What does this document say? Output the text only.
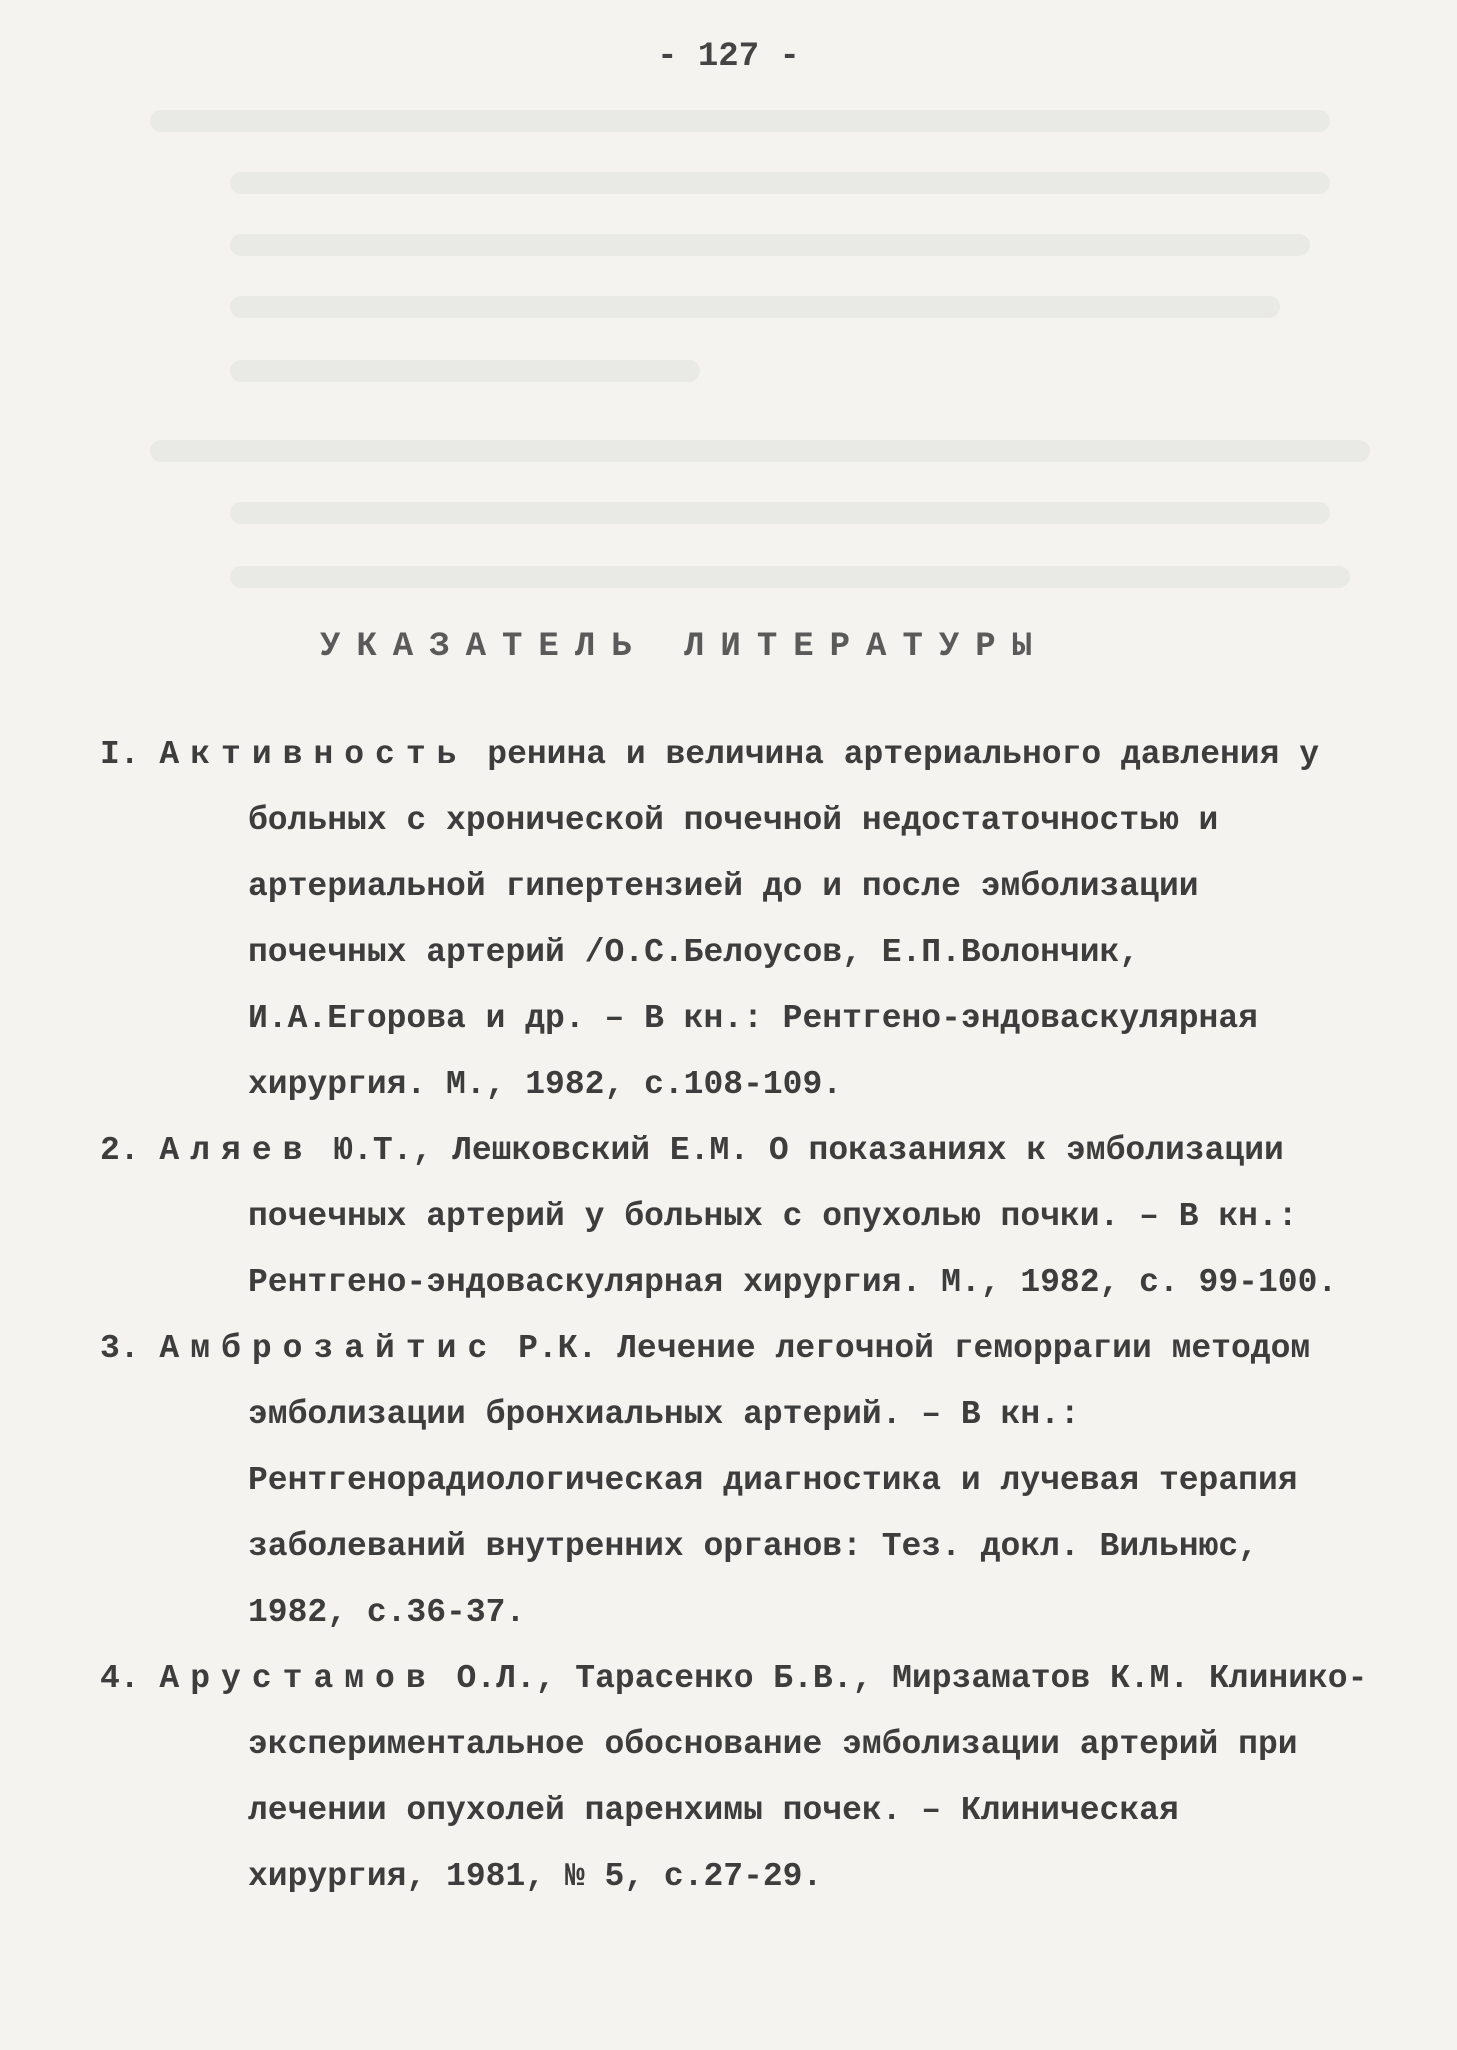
- 127 -
УКАЗАТЕЛЬ ЛИТЕРАТУРЫ

I. Активность ренина и величина артериального давления у больных с хронической почечной недостаточностью и артериальной гипертензией до и после эмболизации почечных артерий /О.С.Белоусов, Е.П.Волончик, И.А.Егорова и др. – В кн.: Рентгено-эндоваскулярная хирургия. М., 1982, с.108-109.

2. Аляев Ю.Т., Лешковский Е.М. О показаниях к эмболизации почечных артерий у больных с опухолью почки. – В кн.: Рентгено-эндоваскулярная хирургия. М., 1982, с. 99-100.

3. Амброзайтис Р.К. Лечение легочной геморрагии методом эмболизации бронхиальных артерий. – В кн.: Рентгенорадиологическая диагностика и лучевая терапия заболеваний внутренних органов: Тез. докл. Вильнюс, 1982, с.36-37.

4. Арустамов О.Л., Тарасенко Б.В., Мирзаматов К.М. Клинико-экспериментальное обоснование эмболизации артерий при лечении опухолей паренхимы почек. – Клиническая хирургия, 1981, № 5, с.27-29.
